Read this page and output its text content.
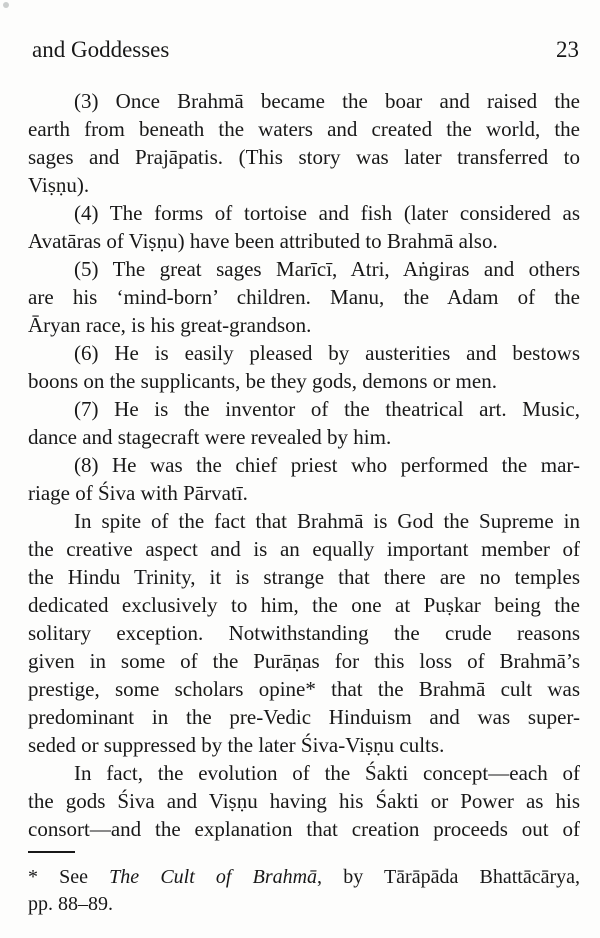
and Goddesses	23
(3) Once Brahmā became the boar and raised the
earth from beneath the waters and created the world, the
sages and Prajāpatis. (This story was later transferred to
Viṣṇu).
(4) The forms of tortoise and fish (later considered as
Avatāras of Viṣṇu) have been attributed to Brahmā also.
(5) The great sages Marīcī, Atri, Aṅgiras and others
are his ‘mind-born’ children. Manu, the Adam of the
Āryan race, is his great-grandson.
(6) He is easily pleased by austerities and bestows
boons on the supplicants, be they gods, demons or men.
(7) He is the inventor of the theatrical art. Music,
dance and stagecraft were revealed by him.
(8) He was the chief priest who performed the mar-
riage of Śiva with Pārvatī.
In spite of the fact that Brahmā is God the Supreme in
the creative aspect and is an equally important member of
the Hindu Trinity, it is strange that there are no temples
dedicated exclusively to him, the one at Puṣkar being the
solitary exception. Notwithstanding the crude reasons
given in some of the Purāṇas for this loss of Brahmā’s
prestige, some scholars opine* that the Brahmā cult was
predominant in the pre-Vedic Hinduism and was super-
seded or suppressed by the later Śiva-Viṣṇu cults.
In fact, the evolution of the Śakti concept—each of
the gods Śiva and Viṣṇu having his Śakti or Power as his
consort—and the explanation that creation proceeds out of
* See The Cult of Brahmā, by Tārāpāda Bhattācārya,
pp. 88–89.
